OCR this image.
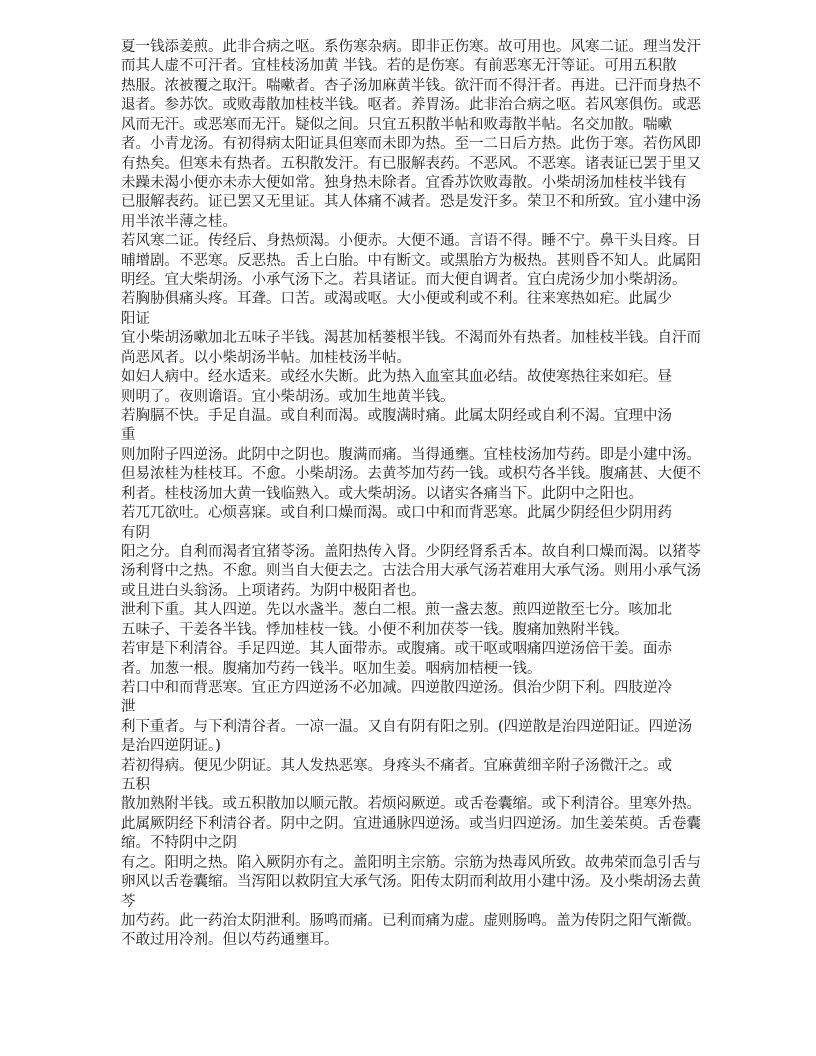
夏一钱添姜煎。此非合病之呕。系伤寒杂病。即非正伤寒。故可用也。风寒二证。理当发汗
而其人虚不可汗者。宜桂枝汤加黄 半钱。若的是伤寒。有前恶寒无汗等证。可用五积散
热服。浓被覆之取汗。喘嗽者。杏子汤加麻黄半钱。欲汗而不得汗者。再进。已汗而身热不
退者。参苏饮。或败毒散加桂枝半钱。呕者。养胃汤。此非治合病之呕。若风寒俱伤。或恶
风而无汗。或恶寒而无汗。疑似之间。只宜五积散半帖和败毒散半帖。名交加散。喘嗽
者。小青龙汤。有初得病太阳证具但寒而未即为热。至一二日后方热。此伤于寒。若伤风即
有热矣。但寒未有热者。五积散发汗。有已服解表药。不恶风。不恶寒。诸表证已罢于里又
未躁未渴小便亦未赤大便如常。独身热未除者。宜香苏饮败毒散。小柴胡汤加桂枝半钱有
已服解表药。证已罢又无里证。其人体痛不减者。恐是发汗多。荣卫不和所致。宜小建中汤
用半浓半薄之桂。
若风寒二证。传经后、身热烦渴。小便赤。大便不通。言语不得。睡不宁。鼻干头目疼。日
晡增剧。不恶寒。反恶热。舌上白胎。中有断文。或黑胎方为极热。甚则昏不知人。此属阳
明经。宜大柴胡汤。小承气汤下之。若具诸证。而大便自调者。宜白虎汤少加小柴胡汤。
若胸胁俱痛头疼。耳聋。口苦。或渴或呕。大小便或利或不利。往来寒热如疟。此属少
阳证
宜小柴胡汤嗽加北五味子半钱。渴甚加栝蒌根半钱。不渴而外有热者。加桂枝半钱。自汗而
尚恶风者。以小柴胡汤半帖。加桂枝汤半帖。
如妇人病中。经水适来。或经水失断。此为热入血室其血必结。故使寒热往来如疟。昼
则明了。夜则谵语。宜小柴胡汤。或加生地黄半钱。
若胸膈不快。手足自温。或自利而渴。或腹满时痛。此属太阴经或自利不渴。宜理中汤
重
则加附子四逆汤。此阴中之阴也。腹满而痛。当得通壅。宜桂枝汤加芍药。即是小建中汤。
但易浓桂为桂枝耳。不愈。小柴胡汤。去黄芩加芍药一钱。或枳芍各半钱。腹痛甚、大便不
利者。桂枝汤加大黄一钱临熟入。或大柴胡汤。以诸实各痛当下。此阴中之阳也。
若兀兀欲吐。心烦喜寐。或自利口燥而渴。或口中和而背恶寒。此属少阴经但少阴用药
有阴
阳之分。自利而渴者宜猪苓汤。盖阳热传入肾。少阴经肾系舌本。故自利口燥而渴。以猪苓
汤利肾中之热。不愈。则当自大便去之。古法合用大承气汤若难用大承气汤。则用小承气汤
或且进白头翁汤。上项诸药。为阴中极阳者也。
泄利下重。其人四逆。先以水盏半。葱白二根。煎一盏去葱。煎四逆散至七分。咳加北
五味子、干姜各半钱。悸加桂枝一钱。小便不利加茯苓一钱。腹痛加熟附半钱。
若审是下利清谷。手足四逆。其人面带赤。或腹痛。或干呕或咽痛四逆汤倍干姜。面赤
者。加葱一根。腹痛加芍药一钱半。呕加生姜。咽病加桔梗一钱。
若口中和而背恶寒。宜正方四逆汤不必加减。四逆散四逆汤。俱治少阴下利。四肢逆冷
泄
利下重者。与下利清谷者。一凉一温。又自有阴有阳之别。(四逆散是治四逆阳证。四逆汤
是治四逆阴证。)
若初得病。便见少阴证。其人发热恶寒。身疼头不痛者。宜麻黄细辛附子汤微汗之。或
五积
散加熟附半钱。或五积散加以顺元散。若烦闷厥逆。或舌卷囊缩。或下利清谷。里寒外热。
此属厥阴经下利清谷者。阴中之阴。宜进通脉四逆汤。或当归四逆汤。加生姜茱萸。舌卷囊
缩。不特阴中之阴
有之。阳明之热。陷入厥阴亦有之。盖阳明主宗筋。宗筋为热毒风所致。故弗荣而急引舌与
卵风以舌卷囊缩。当泻阳以救阴宜大承气汤。阳传太阴而利故用小建中汤。及小柴胡汤去黄
芩
加芍药。此一药治太阴泄利。肠鸣而痛。已利而痛为虚。虚则肠鸣。盖为传阴之阳气渐微。
不敢过用冷剂。但以芍药通壅耳。
